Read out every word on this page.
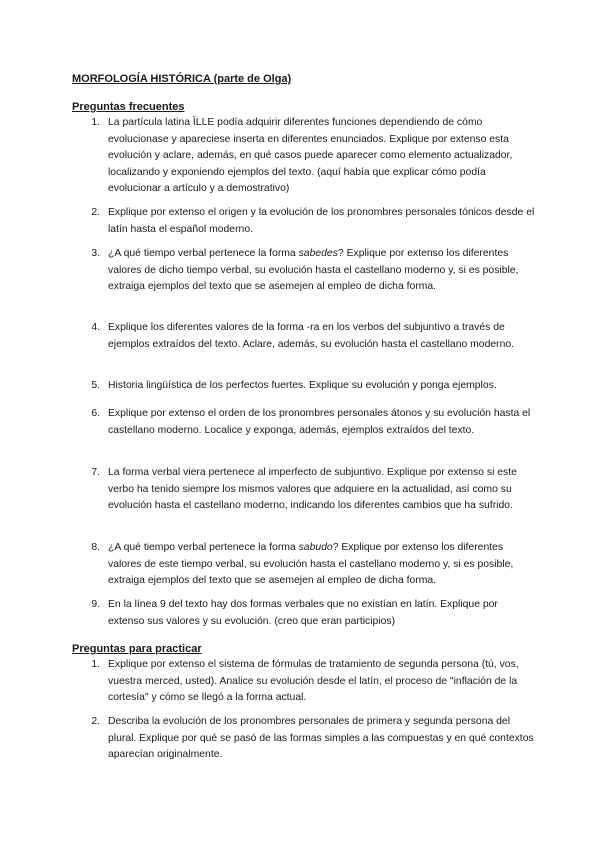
MORFOLOGÍA HISTÓRICA (parte de Olga)
Preguntas frecuentes
1. La partícula latina ĪLLE podía adquirir diferentes funciones dependiendo de cómo evolucionase y apareciese inserta en diferentes enunciados. Explique por extenso esta evolución y aclare, además, en qué casos puede aparecer como elemento actualizador, localizando y exponiendo ejemplos del texto. (aquí había que explicar cómo podía evolucionar a artículo y a demostrativo)
2. Explique por extenso el origen y la evolución de los pronombres personales tónicos desde el latín hasta el español moderno.
3. ¿A qué tiempo verbal pertenece la forma sabedes? Explique por extenso los diferentes valores de dicho tiempo verbal, su evolución hasta el castellano moderno y, si es posible, extraiga ejemplos del texto que se asemejen al empleo de dicha forma.
4. Explique los diferentes valores de la forma -ra en los verbos del subjuntivo a través de ejemplos extraídos del texto. Aclare, además, su evolución hasta el castellano moderno.
5. Historia lingüística de los perfectos fuertes. Explique su evolución y ponga ejemplos.
6. Explique por extenso el orden de los pronombres personales átonos y su evolución hasta el castellano moderno. Localice y exponga, además, ejemplos extraídos del texto.
7. La forma verbal viera pertenece al imperfecto de subjuntivo. Explique por extenso si este verbo ha tenido siempre los mismos valores que adquiere en la actualidad, así como su evolución hasta el castellano moderno, indicando los diferentes cambios que ha sufrido.
8. ¿A qué tiempo verbal pertenece la forma sabudo? Explique por extenso los diferentes valores de este tiempo verbal, su evolución hasta el castellano moderno y, si es posible, extraiga ejemplos del texto que se asemejen al empleo de dicha forma.
9. En la línea 9 del texto hay dos formas verbales que no existían en latín. Explique por extenso sus valores y su evolución. (creo que eran participios)
Preguntas para practicar
1. Explique por extenso el sistema de fórmulas de tratamiento de segunda persona (tú, vos, vuestra merced, usted). Analice su evolución desde el latín, el proceso de "inflación de la cortesía" y cómo se llegó a la forma actual.
2. Describa la evolución de los pronombres personales de primera y segunda persona del plural. Explique por qué se pasó de las formas simples a las compuestas y en qué contextos aparecían originalmente.
